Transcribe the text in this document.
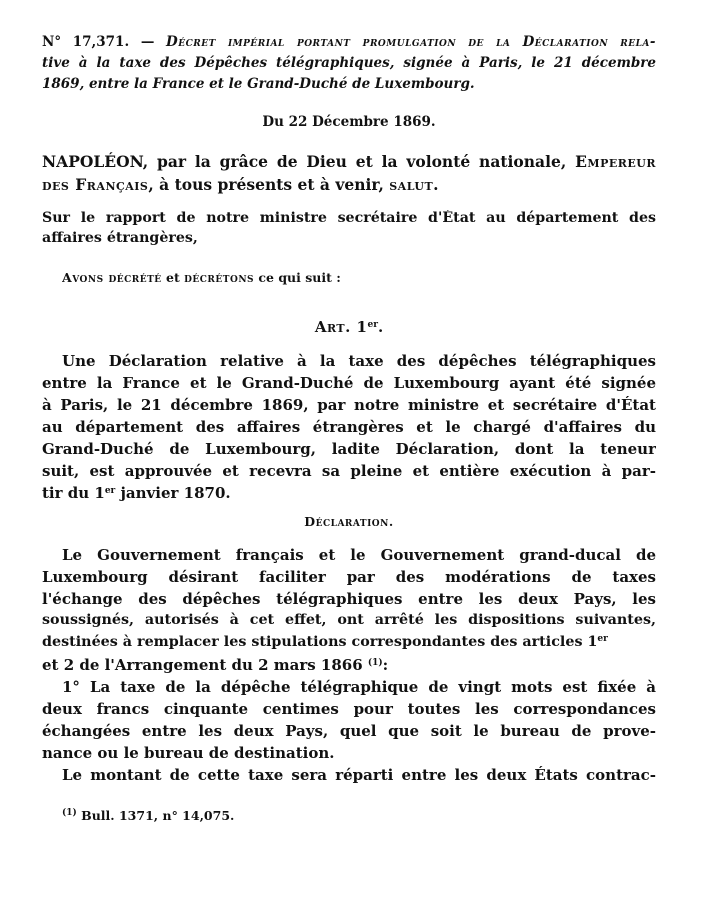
N° 17,371. — Décret impérial portant promulgation de la Déclaration rela-
tive à la taxe des Dépêches télégraphiques, signée à Paris, le 21 décembre
1869, entre la France et le Grand-Duché de Luxembourg.
Du 22 Décembre 1869.
NAPOLÉON, par la grâce de Dieu et la volonté nationale, Empereur
des Français, à tous présents et à venir, salut.
Sur le rapport de notre ministre secrétaire d'État au département des
affaires étrangères,
Avons décrété et décrétons ce qui suit :
Art. 1er.
Une Déclaration relative à la taxe des dépêches télégraphiques
entre la France et le Grand-Duché de Luxembourg ayant été signée
à Paris, le 21 décembre 1869, par notre ministre et secrétaire d'État
au département des affaires étrangères et le chargé d'affaires du
Grand-Duché de Luxembourg, ladite Déclaration, dont la teneur
suit, est approuvée et recevra sa pleine et entière exécution à par-
tir du 1er janvier 1870.
Déclaration.
Le Gouvernement français et le Gouvernement grand-ducal de
Luxembourg désirant faciliter par des modérations de taxes
l'échange des dépêches télégraphiques entre les deux Pays, les
soussignés, autorisés à cet effet, ont arrêté les dispositions suivantes,
destinées à remplacer les stipulations correspondantes des articles 1er
et 2 de l'Arrangement du 2 mars 1866 $^{(1)}$:
1° La taxe de la dépêche télégraphique de vingt mots est fixée à
deux francs cinquante centimes pour toutes les correspondances
échangées entre les deux Pays, quel que soit le bureau de prove-
nance ou le bureau de destination.
Le montant de cette taxe sera réparti entre les deux États contrac-
$^{(1)}$ Bull. 1371, n° 14,075.
